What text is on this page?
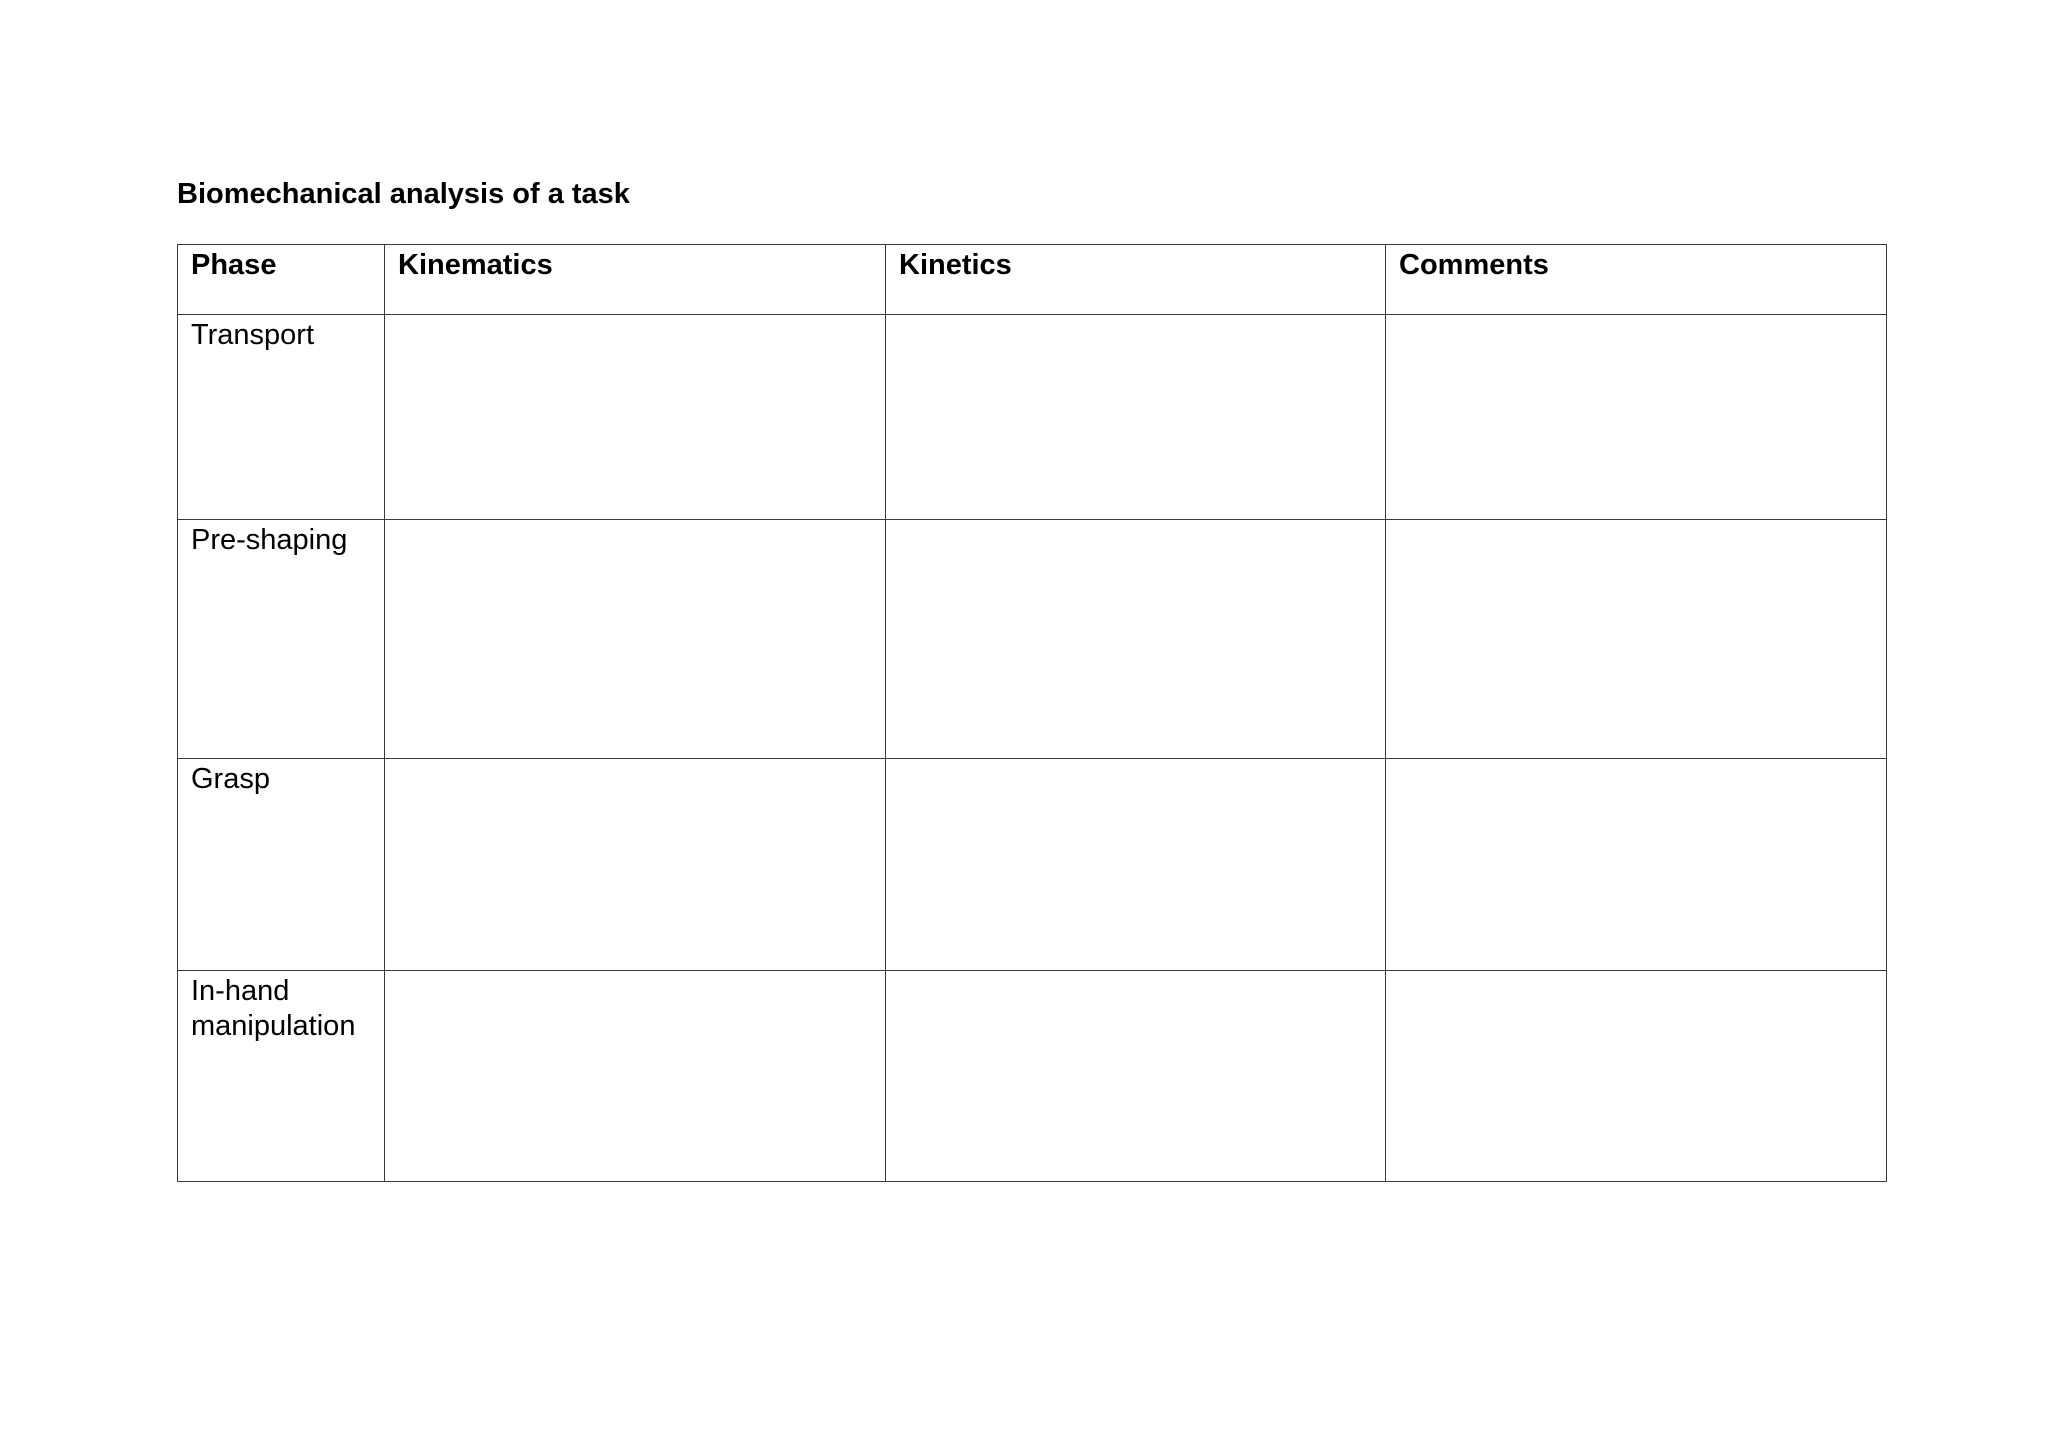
Biomechanical analysis of a task
Phase	Kinematics	Kinetics	Comments
Transport			
Pre-shaping			
Grasp			
In-hand manipulation			
